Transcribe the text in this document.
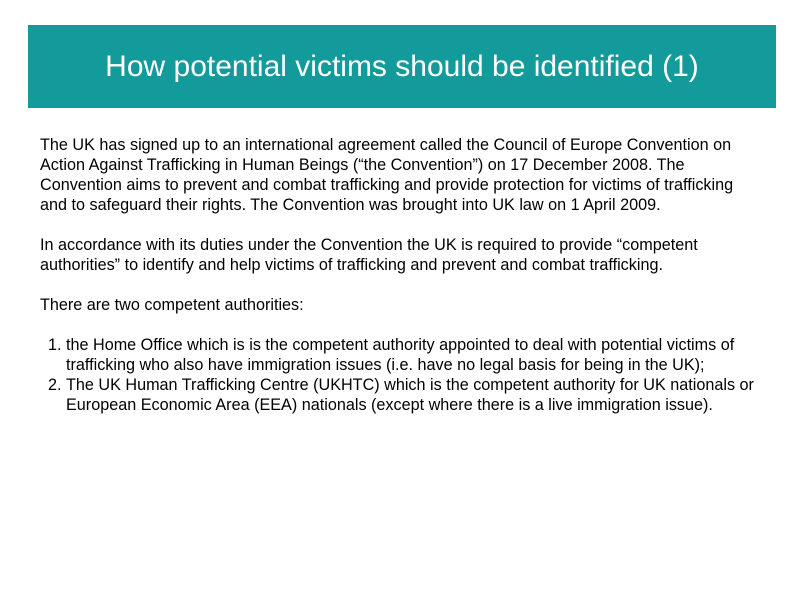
How potential victims should be identified (1)

The UK has signed up to an international agreement called the Council of Europe Convention on Action Against Trafficking in Human Beings (“the Convention”) on 17 December 2008. The Convention aims to prevent and combat trafficking and provide protection for victims of trafficking and to safeguard their rights. The Convention was brought into UK law on 1 April 2009.

In accordance with its duties under the Convention the UK is required to provide “competent authorities” to identify and help victims of trafficking and prevent and combat trafficking.

There are two competent authorities:

1. the Home Office which is is the competent authority appointed to deal with potential victims of trafficking who also have immigration issues (i.e. have no legal basis for being in the UK);
2. The UK Human Trafficking Centre (UKHTC) which is the competent authority for UK nationals or European Economic Area (EEA) nationals (except where there is a live immigration issue).
